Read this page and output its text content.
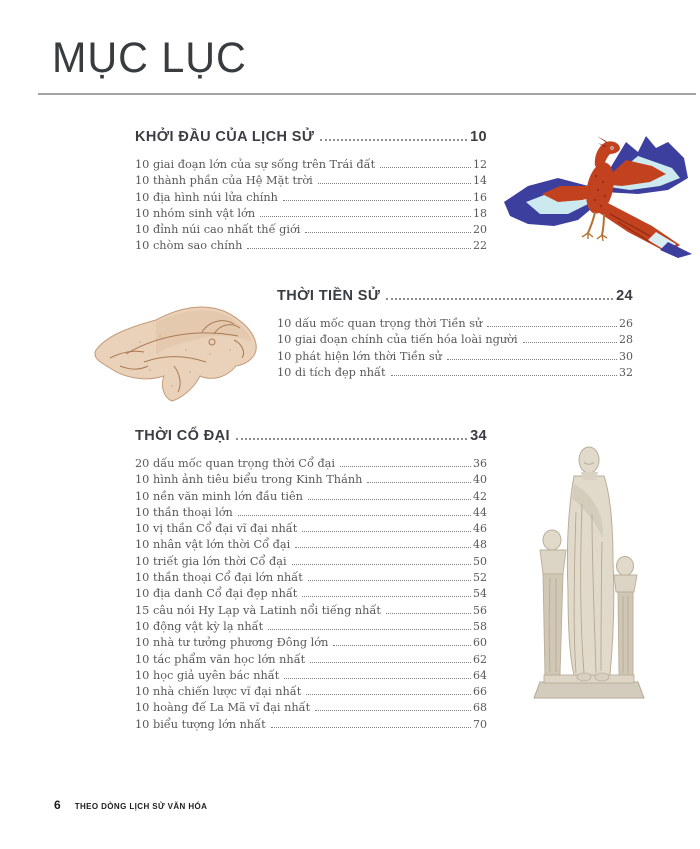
MỤC LỤC
KHỞI ĐẦU CỦA LỊCH SỬ	10
10 giai đoạn lớn của sự sống trên Trái đất	12
10 thành phần của Hệ Mặt trời	14
10 địa hình núi lửa chính	16
10 nhóm sinh vật lớn	18
10 đỉnh núi cao nhất thế giới	20
10 chòm sao chính	22
THỜI TIỀN SỬ	24
10 dấu mốc quan trọng thời Tiền sử	26
10 giai đoạn chính của tiến hóa loài người	28
10 phát hiện lớn thời Tiền sử	30
10 di tích đẹp nhất	32
THỜI CỔ ĐẠI	34
20 dấu mốc quan trọng thời Cổ đại	36
10 hình ảnh tiêu biểu trong Kinh Thánh	40
10 nền văn minh lớn đầu tiên	42
10 thần thoại lớn	44
10 vị thần Cổ đại vĩ đại nhất	46
10 nhân vật lớn thời Cổ đại	48
10 triết gia lớn thời Cổ đại	50
10 thần thoại Cổ đại lớn nhất	52
10 địa danh Cổ đại đẹp nhất	54
15 câu nói Hy Lạp và Latinh nổi tiếng nhất	56
10 động vật kỳ lạ nhất	58
10 nhà tư tưởng phương Đông lớn	60
10 tác phẩm văn học lớn nhất	62
10 học giả uyên bác nhất	64
10 nhà chiến lược vĩ đại nhất	66
10 hoàng đế La Mã vĩ đại nhất	68
10 biểu tượng lớn nhất	70
6 THEO DÒNG LỊCH SỬ VĂN HÓA
